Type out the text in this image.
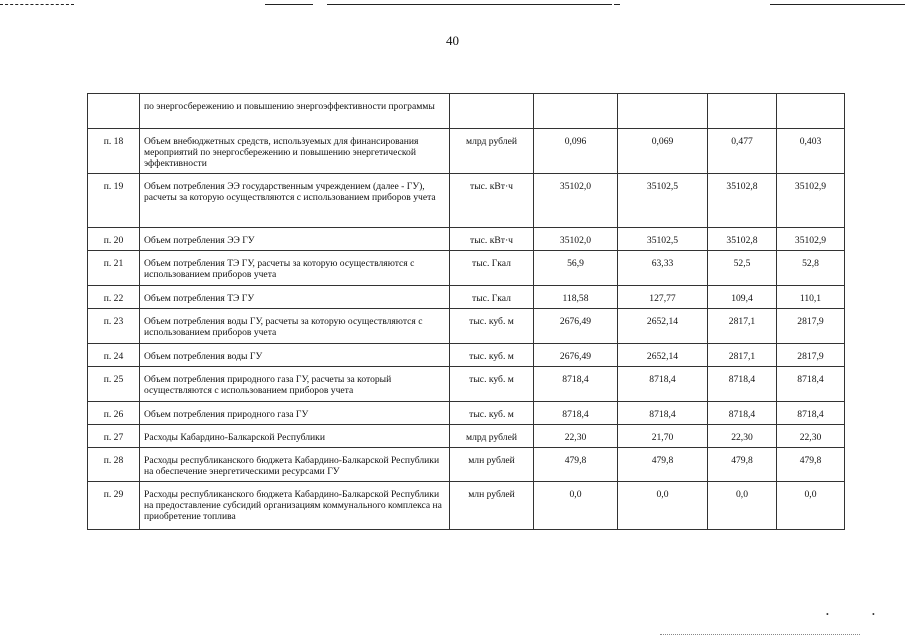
40
	по энергосбережению и повышению энергоэффективности программы					
п. 18	Объем внебюджетных средств, используемых для финансирования мероприятий по энергосбережению и повышению энергетической эффективности	млрд рублей	0,096	0,069	0,477	0,403
п. 19	Объем потребления ЭЭ государственным учреждением (далее - ГУ), расчеты за которую осуществляются с использованием приборов учета	тыс. кВт·ч	35102,0	35102,5	35102,8	35102,9
п. 20	Объем потребления ЭЭ ГУ	тыс. кВт·ч	35102,0	35102,5	35102,8	35102,9
п. 21	Объем потребления ТЭ ГУ, расчеты за которую осуществляются с использованием приборов учета	тыс. Гкал	56,9	63,33	52,5	52,8
п. 22	Объем потребления ТЭ ГУ	тыс. Гкал	118,58	127,77	109,4	110,1
п. 23	Объем потребления воды ГУ, расчеты за которую осуществляются с использованием приборов учета	тыс. куб. м	2676,49	2652,14	2817,1	2817,9
п. 24	Объем потребления воды ГУ	тыс. куб. м	2676,49	2652,14	2817,1	2817,9
п. 25	Объем потребления природного газа ГУ, расчеты за который осуществляются с использованием приборов учета	тыс. куб. м	8718,4	8718,4	8718,4	8718,4
п. 26	Объем потребления природного газа ГУ	тыс. куб. м	8718,4	8718,4	8718,4	8718,4
п. 27	Расходы Кабардино-Балкарской Республики	млрд рублей	22,30	21,70	22,30	22,30
п. 28	Расходы республиканского бюджета Кабардино-Балкарской Республики на обеспечение энергетическими ресурсами ГУ	млн рублей	479,8	479,8	479,8	479,8
п. 29	Расходы республиканского бюджета Кабардино-Балкарской Республики на предоставление субсидий организациям коммунального комплекса на приобретение топлива	млн рублей	0,0	0,0	0,0	0,0
•	•
